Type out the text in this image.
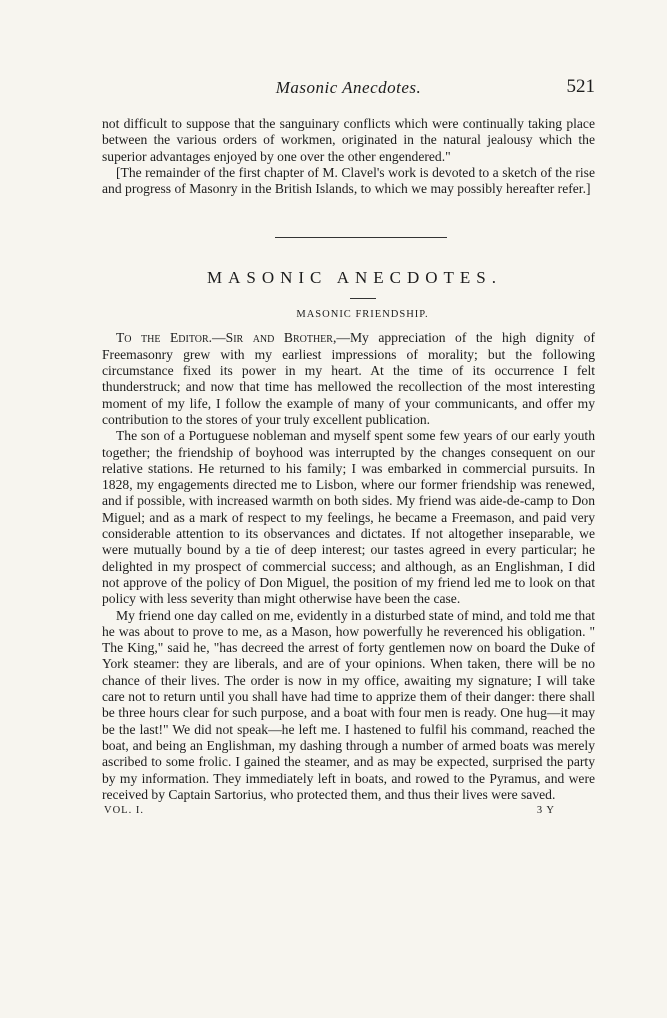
Masonic Anecdotes.	521

not difficult to suppose that the sanguinary conflicts which were continually taking place between the various orders of workmen, originated in the natural jealousy which the superior advantages enjoyed by one over the other engendered."

[The remainder of the first chapter of M. Clavel's work is devoted to a sketch of the rise and progress of Masonry in the British Islands, to which we may possibly hereafter refer.]

MASONIC ANECDOTES.
MASONIC FRIENDSHIP.

To the Editor.—Sir and Brother,—My appreciation of the high dignity of Freemasonry grew with my earliest impressions of morality; but the following circumstance fixed its power in my heart. At the time of its occurrence I felt thunderstruck; and now that time has mellowed the recollection of the most interesting moment of my life, I follow the example of many of your communicants, and offer my contribution to the stores of your truly excellent publication.

The son of a Portuguese nobleman and myself spent some few years of our early youth together; the friendship of boyhood was interrupted by the changes consequent on our relative stations. He returned to his family; I was embarked in commercial pursuits. In 1828, my engagements directed me to Lisbon, where our former friendship was renewed, and if possible, with increased warmth on both sides. My friend was aide-de-camp to Don Miguel; and as a mark of respect to my feelings, he became a Freemason, and paid very considerable attention to its observances and dictates. If not altogether inseparable, we were mutually bound by a tie of deep interest; our tastes agreed in every particular; he delighted in my prospect of commercial success; and although, as an Englishman, I did not approve of the policy of Don Miguel, the position of my friend led me to look on that policy with less severity than might otherwise have been the case.

My friend one day called on me, evidently in a disturbed state of mind, and told me that he was about to prove to me, as a Mason, how powerfully he reverenced his obligation. " The King," said he, "has decreed the arrest of forty gentlemen now on board the Duke of York steamer: they are liberals, and are of your opinions. When taken, there will be no chance of their lives. The order is now in my office, awaiting my signature; I will take care not to return until you shall have had time to apprize them of their danger: there shall be three hours clear for such purpose, and a boat with four men is ready. One hug—it may be the last!" We did not speak—he left me. I hastened to fulfil his command, reached the boat, and being an Englishman, my dashing through a number of armed boats was merely ascribed to some frolic. I gained the steamer, and as may be expected, surprised the party by my information. They immediately left in boats, and rowed to the Pyramus, and were received by Captain Sartorius, who protected them, and thus their lives were saved.

VOL. I.	3 Y
